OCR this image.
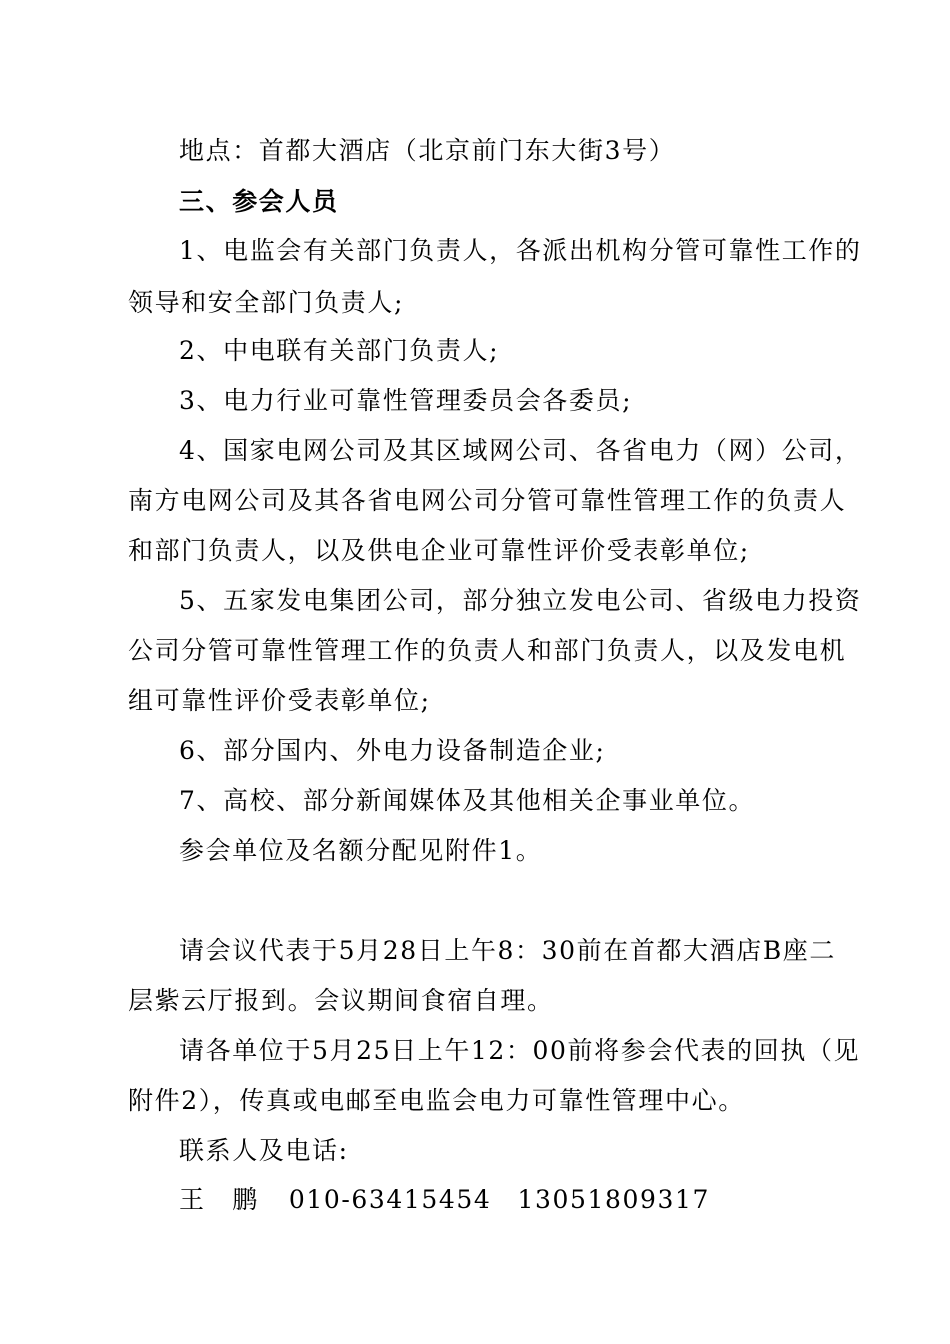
地点：首都大酒店（北京前门东大街3号）
三、参会人员
1、电监会有关部门负责人，各派出机构分管可靠性工作的
领导和安全部门负责人;
2、中电联有关部门负责人;
3、电力行业可靠性管理委员会各委员;
4、国家电网公司及其区域网公司、各省电力（网）公司，
南方电网公司及其各省电网公司分管可靠性管理工作的负责人
和部门负责人，以及供电企业可靠性评价受表彰单位;
5、五家发电集团公司，部分独立发电公司、省级电力投资
公司分管可靠性管理工作的负责人和部门负责人，以及发电机
组可靠性评价受表彰单位;
6、部分国内、外电力设备制造企业;
7、高校、部分新闻媒体及其他相关企事业单位。
参会单位及名额分配见附件1。
请会议代表于5月28日上午8：30前在首都大酒店B座二
层紫云厅报到。会议期间食宿自理。
请各单位于5月25日上午12：00前将参会代表的回执（见
附件2），传真或电邮至电监会电力可靠性管理中心。
联系人及电话:
王　鹏 010-63415454 13051809317
